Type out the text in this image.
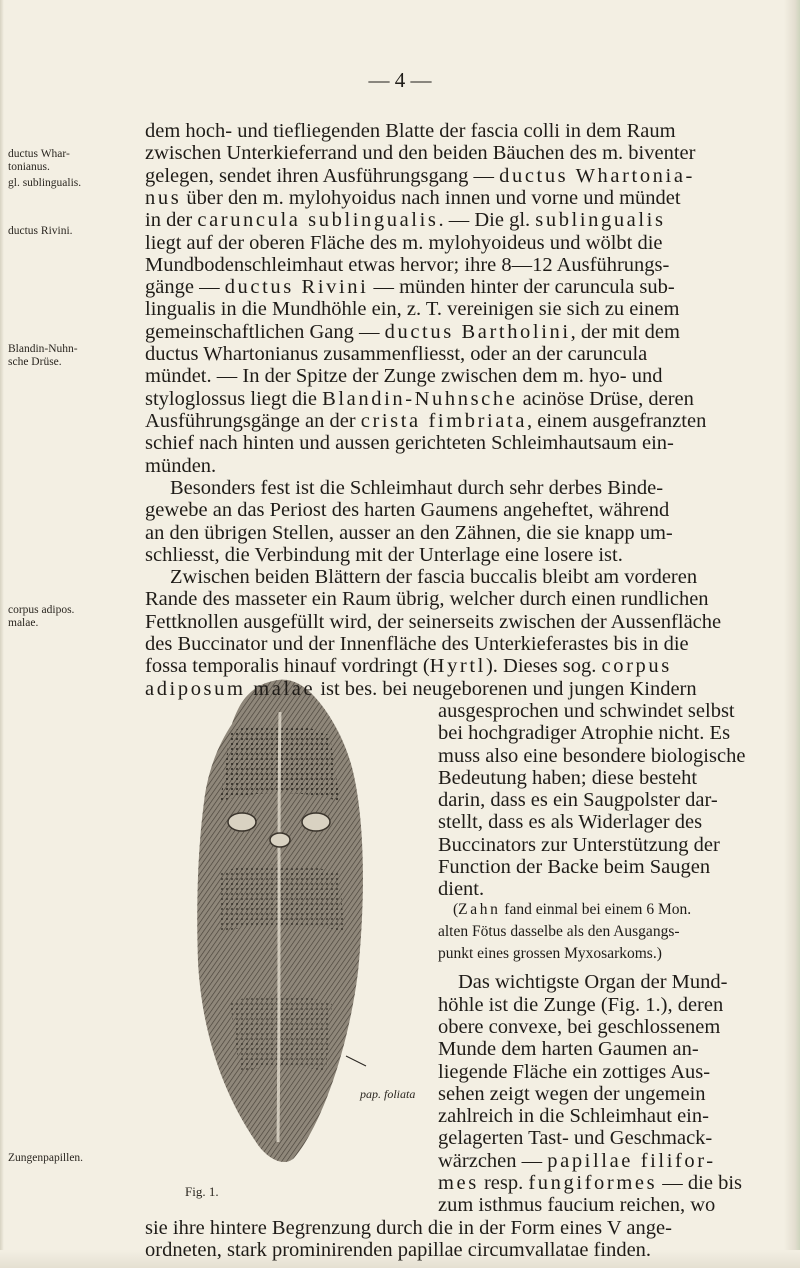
— 4 —
ductus Whar-
tonianus.
gl. sublingualis.
ductus Rivini.
Blandin-Nuhn-
sche Drüse.
corpus adipos.
malae.
Zungenpapillen.
pap. foliata
Fig. 1.
dem hoch- und tiefliegenden Blatte der fascia colli in dem Raum
zwischen Unterkieferrand und den beiden Bäuchen des m. biventer
gelegen, sendet ihren Ausführungsgang — ductus Whartonia-
nus über den m. mylohyoidus nach innen und vorne und mündet
in der caruncula sublingualis. — Die gl. sublingualis
liegt auf der oberen Fläche des m. mylohyoideus und wölbt die
Mundbodenschleimhaut etwas hervor; ihre 8—12 Ausführungs-
gänge — ductus Rivini — münden hinter der caruncula sub-
lingualis in die Mundhöhle ein, z. T. vereinigen sie sich zu einem
gemeinschaftlichen Gang — ductus Bartholini, der mit dem
ductus Whartonianus zusammenfliesst, oder an der caruncula
mündet. — In der Spitze der Zunge zwischen dem m. hyo- und
styloglossus liegt die Blandin-Nuhnsche acinöse Drüse, deren
Ausführungsgänge an der crista fimbriata, einem ausgefranzten
schief nach hinten und aussen gerichteten Schleimhautsaum ein-
münden.
Besonders fest ist die Schleimhaut durch sehr derbes Binde-
gewebe an das Periost des harten Gaumens angeheftet, während
an den übrigen Stellen, ausser an den Zähnen, die sie knapp um-
schliesst, die Verbindung mit der Unterlage eine losere ist.
Zwischen beiden Blättern der fascia buccalis bleibt am vorderen
Rande des masseter ein Raum übrig, welcher durch einen rundlichen
Fettknollen ausgefüllt wird, der seinerseits zwischen der Aussenfläche
des Buccinator und der Innenfläche des Unterkieferastes bis in die
fossa temporalis hinauf vordringt (Hyrtl). Dieses sog. corpus
adiposum malae ist bes. bei neugeborenen und jungen Kindern
ausgesprochen und schwindet selbst
bei hochgradiger Atrophie nicht. Es
muss also eine besondere biologische
Bedeutung haben; diese besteht
darin, dass es ein Saugpolster dar-
stellt, dass es als Widerlager des
Buccinators zur Unterstützung der
Function der Backe beim Saugen
dient.
(Zahn fand einmal bei einem 6 Mon.
alten Fötus dasselbe als den Ausgangs-
punkt eines grossen Myxosarkoms.)
Das wichtigste Organ der Mund-
höhle ist die Zunge (Fig. 1.), deren
obere convexe, bei geschlossenem
Munde dem harten Gaumen an-
liegende Fläche ein zottiges Aus-
sehen zeigt wegen der ungemein
zahlreich in die Schleimhaut ein-
gelagerten Tast- und Geschmack-
wärzchen — papillae filifor-
mes resp. fungiformes — die bis
zum isthmus faucium reichen, wo
sie ihre hintere Begrenzung durch die in der Form eines V ange-
ordneten, stark prominirenden papillae circumvallatae finden.
